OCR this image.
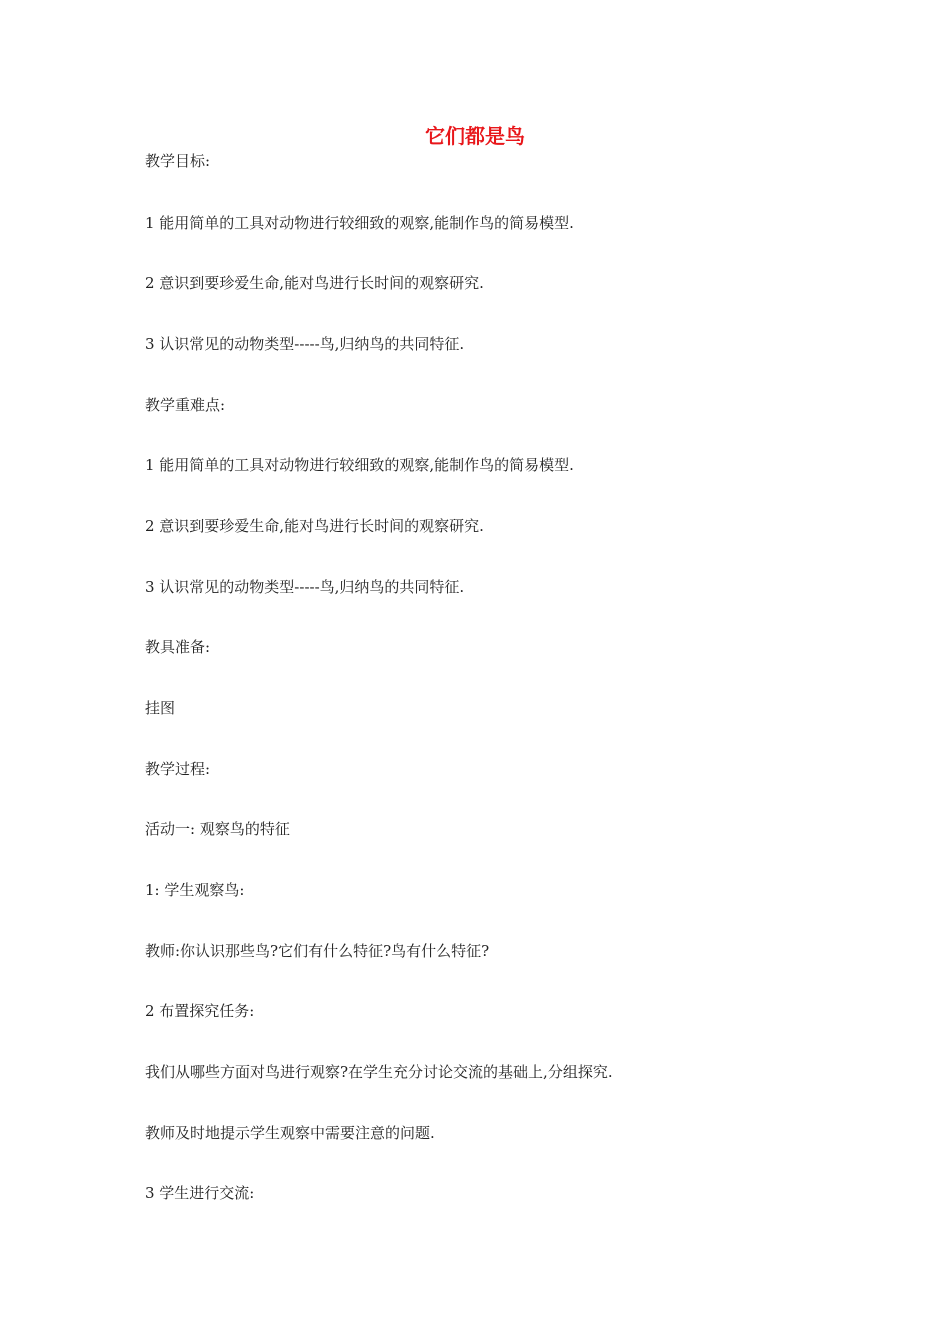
它们都是鸟

教学目标:

1 能用简单的工具对动物进行较细致的观察,能制作鸟的简易模型.

2 意识到要珍爱生命,能对鸟进行长时间的观察研究.

3 认识常见的动物类型-----鸟,归纳鸟的共同特征.

教学重难点:

1 能用简单的工具对动物进行较细致的观察,能制作鸟的简易模型.

2 意识到要珍爱生命,能对鸟进行长时间的观察研究.

3 认识常见的动物类型-----鸟,归纳鸟的共同特征.

教具准备:

挂图

教学过程:

活动一: 观察鸟的特征

1: 学生观察鸟:

教师:你认识那些鸟?它们有什么特征?鸟有什么特征?

2 布置探究任务:

我们从哪些方面对鸟进行观察?在学生充分讨论交流的基础上,分组探究.

教师及时地提示学生观察中需要注意的问题.

3 学生进行交流:
